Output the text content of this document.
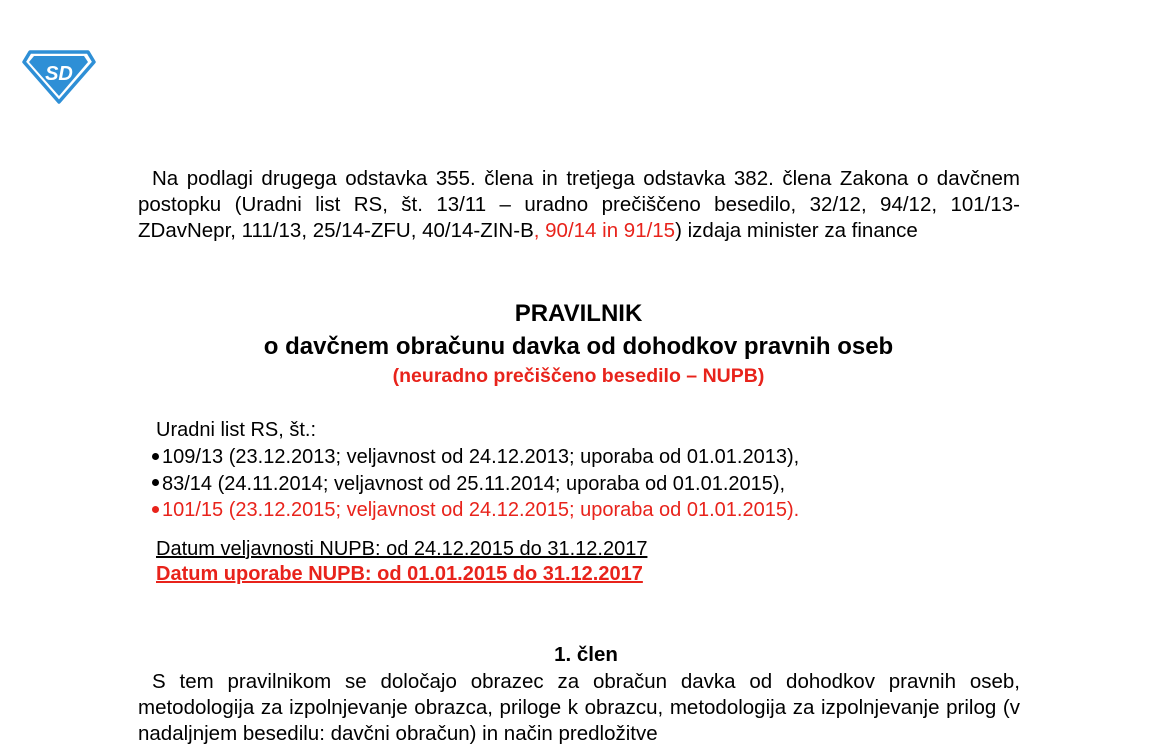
SD
Na podlagi drugega odstavka 355. člena in tretjega odstavka 382. člena Zakona o davčnem postopku (Uradni list RS, št. 13/11 – uradno prečiščeno besedilo, 32/12, 94/12, 101/13-ZDavNepr, 111/13, 25/14-ZFU, 40/14-ZIN-B, 90/14 in 91/15) izdaja minister za finance
PRAVILNIK
o davčnem obračunu davka od dohodkov pravnih oseb
(neuradno prečiščeno besedilo – NUPB)
Uradni list RS, št.:
109/13 (23.12.2013; veljavnost od 24.12.2013; uporaba od 01.01.2013),
83/14 (24.11.2014; veljavnost od 25.11.2014; uporaba od 01.01.2015),
101/15 (23.12.2015; veljavnost od 24.12.2015; uporaba od 01.01.2015).
Datum veljavnosti NUPB: od 24.12.2015 do 31.12.2017
Datum uporabe NUPB: od 01.01.2015 do 31.12.2017
1. člen
S tem pravilnikom se določajo obrazec za obračun davka od dohodkov pravnih oseb, metodologija za izpolnjevanje obrazca, priloge k obrazcu, metodologija za izpolnjevanje prilog (v nadaljnjem besedilu: davčni obračun) in način predložitve
